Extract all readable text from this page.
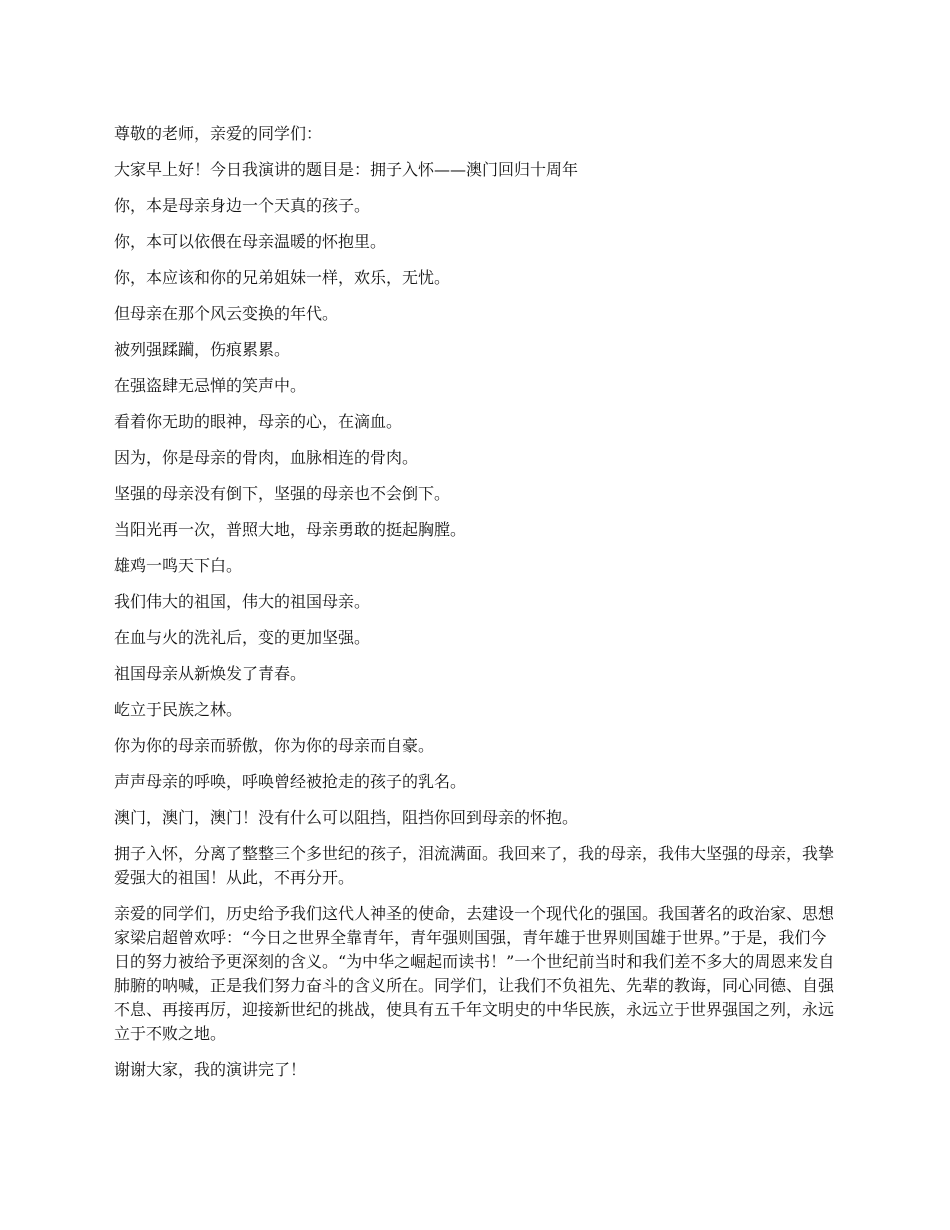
尊敬的老师，亲爱的同学们：

大家早上好！今日我演讲的题目是：拥子入怀——澳门回归十周年

你，本是母亲身边一个天真的孩子。

你，本可以依偎在母亲温暖的怀抱里。

你，本应该和你的兄弟姐妹一样，欢乐，无忧。

但母亲在那个风云变换的年代。

被列强蹂躏，伤痕累累。

在强盗肆无忌惮的笑声中。

看着你无助的眼神，母亲的心，在滴血。

因为，你是母亲的骨肉，血脉相连的骨肉。

坚强的母亲没有倒下，坚强的母亲也不会倒下。

当阳光再一次，普照大地，母亲勇敢的挺起胸膛。

雄鸡一鸣天下白。

我们伟大的祖国，伟大的祖国母亲。

在血与火的洗礼后，变的更加坚强。

祖国母亲从新焕发了青春。

屹立于民族之林。

你为你的母亲而骄傲，你为你的母亲而自豪。

声声母亲的呼唤，呼唤曾经被抢走的孩子的乳名。

澳门，澳门，澳门！没有什么可以阻挡，阻挡你回到母亲的怀抱。

拥子入怀，分离了整整三个多世纪的孩子，泪流满面。我回来了，我的母亲，我伟大坚强的母亲，我挚爱强大的祖国！从此，不再分开。

亲爱的同学们，历史给予我们这代人神圣的使命，去建设一个现代化的强国。我国著名的政治家、思想家梁启超曾欢呼：“今日之世界全靠青年，青年强则国强，青年雄于世界则国雄于世界。”于是，我们今日的努力被给予更深刻的含义。“为中华之崛起而读书！”一个世纪前当时和我们差不多大的周恩来发自肺腑的呐喊，正是我们努力奋斗的含义所在。同学们，让我们不负祖先、先辈的教诲，同心同德、自强不息、再接再厉，迎接新世纪的挑战，使具有五千年文明史的中华民族，永远立于世界强国之列，永远立于不败之地。

谢谢大家，我的演讲完了！
